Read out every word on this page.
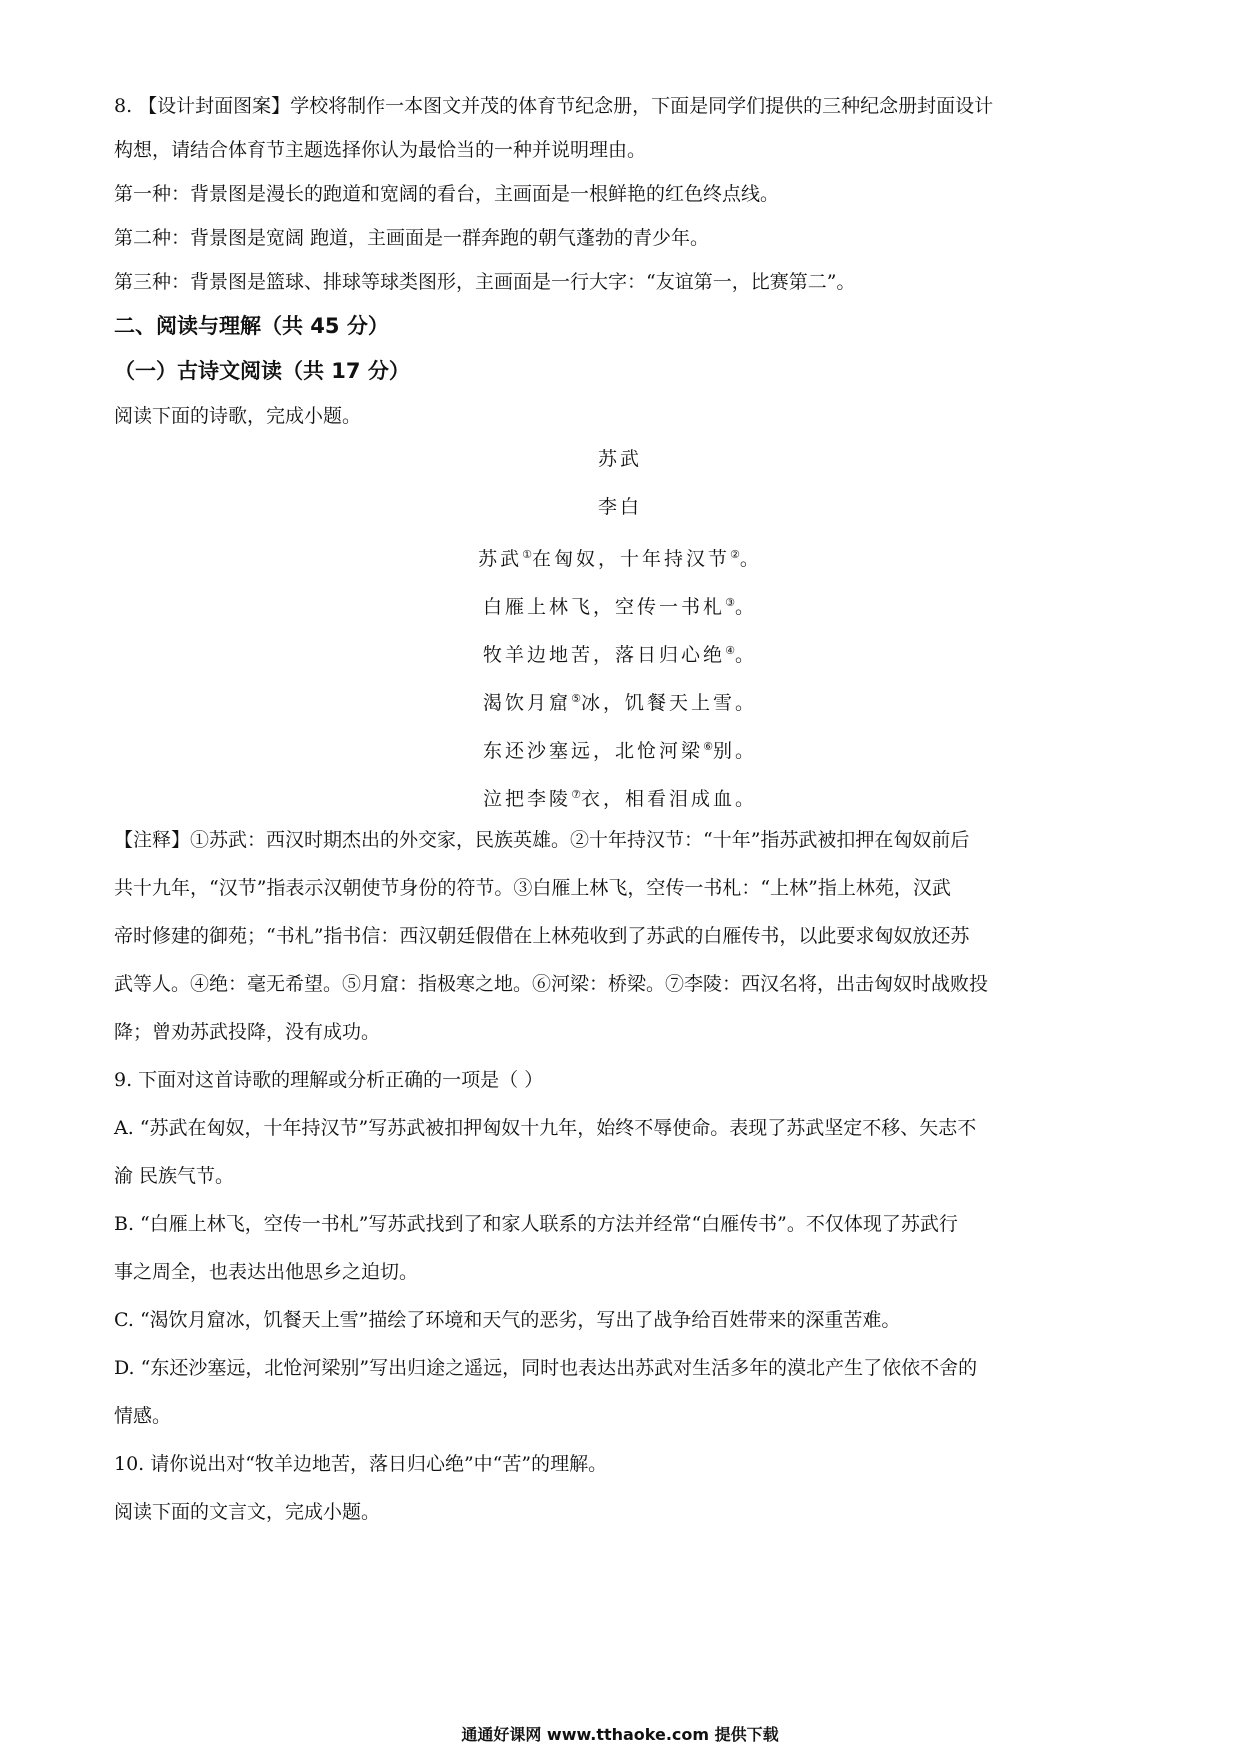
8. 【设计封面图案】学校将制作一本图文并茂的体育节纪念册，下面是同学们提供的三种纪念册封面设计
构想，请结合体育节主题选择你认为最恰当的一种并说明理由。
第一种：背景图是漫长的跑道和宽阔的看台，主画面是一根鲜艳的红色终点线。
第二种：背景图是宽阔 跑道，主画面是一群奔跑的朝气蓬勃的青少年。
第三种：背景图是篮球、排球等球类图形，主画面是一行大字：“友谊第一，比赛第二”。
二、阅读与理解（共 45 分）
（一）古诗文阅读（共 17 分）
阅读下面的诗歌，完成小题。
苏武
李白
苏武①在匈奴，十年持汉节②。
白雁上林飞，空传一书札③。
牧羊边地苦，落日归心绝④。
渴饮月窟⑤冰，饥餐天上雪。
东还沙塞远，北怆河梁⑥别。
泣把李陵⑦衣，相看泪成血。
【注释】①苏武：西汉时期杰出的外交家，民族英雄。②十年持汉节：“十年”指苏武被扣押在匈奴前后
共十九年，“汉节”指表示汉朝使节身份的符节。③白雁上林飞，空传一书札：“上林”指上林苑，汉武
帝时修建的御苑；“书札”指书信：西汉朝廷假借在上林苑收到了苏武的白雁传书，以此要求匈奴放还苏
武等人。④绝：毫无希望。⑤月窟：指极寒之地。⑥河梁：桥梁。⑦李陵：西汉名将，出击匈奴时战败投
降；曾劝苏武投降，没有成功。
9. 下面对这首诗歌的理解或分析正确的一项是（ ）
A. “苏武在匈奴，十年持汉节”写苏武被扣押匈奴十九年，始终不辱使命。表现了苏武坚定不移、矢志不
渝 民族气节。
B. “白雁上林飞，空传一书札”写苏武找到了和家人联系的方法并经常“白雁传书”。不仅体现了苏武行
事之周全，也表达出他思乡之迫切。
C. “渴饮月窟冰，饥餐天上雪”描绘了环境和天气的恶劣，写出了战争给百姓带来的深重苦难。
D. “东还沙塞远，北怆河梁别”写出归途之遥远，同时也表达出苏武对生活多年的漠北产生了依依不舍的
情感。
10. 请你说出对“牧羊边地苦，落日归心绝”中“苦”的理解。
阅读下面的文言文，完成小题。
通通好课网 www.tthaoke.com 提供下载
